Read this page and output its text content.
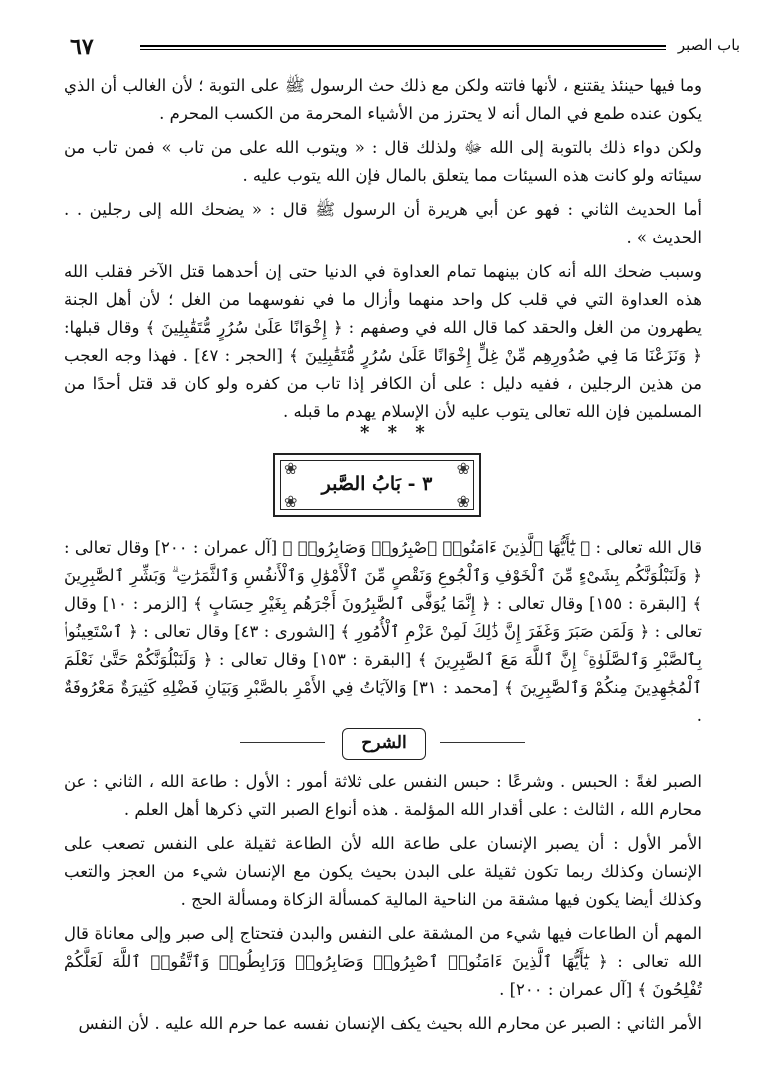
٦٧	باب الصبر

وما فيها حينئذ يقتنع ، لأنها فاتته ولكن مع ذلك حث الرسول ﷺ على التوبة ؛ لأن الغالب أن الذي يكون عنده طمع في المال أنه لا يحترز من الأشياء المحرمة من الكسب المحرم .

ولكن دواء ذلك بالتوبة إلى الله ﷻ ولذلك قال : « ويتوب الله على من تاب » فمن تاب من سيئاته ولو كانت هذه السيئات مما يتعلق بالمال فإن الله يتوب عليه .

أما الحديث الثاني : فهو عن أبي هريرة أن الرسول ﷺ قال : « يضحك الله إلى رجلين . . الحديث » .

وسبب ضحك الله أنه كان بينهما تمام العداوة في الدنيا حتى إن أحدهما قتل الآخر فقلب الله هذه العداوة التي في قلب كل واحد منهما وأزال ما في نفوسهما من الغل ؛ لأن أهل الجنة يطهرون من الغل والحقد كما قال الله في وصفهم : ﴿ إِخْوَانًا عَلَىٰ سُرُرٍ مُّتَقَٰبِلِينَ ﴾ وقال قبلها: ﴿ وَنَزَعْنَا مَا فِي صُدُورِهِم مِّنْ غِلٍّ إِخْوَانًا عَلَىٰ سُرُرٍ مُّتَقَٰبِلِينَ ﴾ [الحجر : ٤٧] . فهذا وجه العجب من هذين الرجلين ، ففيه دليل : على أن الكافر إذا تاب من كفره ولو كان قد قتل أحدًا من المسلمين فإن الله تعالى يتوب عليه لأن الإسلام يهدم ما قبله .

* * *
❀	❀
❀	❀
٣ - بَابُ الصَّبر

قال الله تعالى : ﴿ يَٰٓأَيُّهَا ٱلَّذِينَ ءَامَنُوا۟ ٱصْبِرُوا۟ وَصَابِرُوا۟ ﴾ [آل عمران : ٢٠٠] وقال تعالى : ﴿ وَلَنَبْلُوَنَّكُم بِشَىْءٍ مِّنَ ٱلْخَوْفِ وَٱلْجُوعِ وَنَقْصٍ مِّنَ ٱلْأَمْوَٰلِ وَٱلْأَنفُسِ وَٱلثَّمَرَٰتِ ۗ وَبَشِّرِ ٱلصَّٰبِرِينَ ﴾ [البقرة : ١٥٥] وقال تعالى : ﴿ إِنَّمَا يُوَفَّى ٱلصَّٰبِرُونَ أَجْرَهُم بِغَيْرِ حِسَابٍ ﴾ [الزمر : ١٠] وقال تعالى : ﴿ وَلَمَن صَبَرَ وَغَفَرَ إِنَّ ذَٰلِكَ لَمِنْ عَزْمِ ٱلْأُمُورِ ﴾ [الشورى : ٤٣] وقال تعالى : ﴿ ٱسْتَعِينُوا۟ بِٱلصَّبْرِ وَٱلصَّلَوٰةِ ۚ إِنَّ ٱللَّهَ مَعَ ٱلصَّٰبِرِينَ ﴾ [البقرة : ١٥٣] وقال تعالى : ﴿ وَلَنَبْلُوَنَّكُمْ حَتَّىٰ نَعْلَمَ ٱلْمُجَٰهِدِينَ مِنكُمْ وَٱلصَّٰبِرِينَ ﴾ [محمد : ٣١] وَالآيَاتُ فِي الأَمْرِ بالصَّبْرِ وَبَيَانِ فَضْلِهِ كَثِيرَةٌ مَعْرُوفَةٌ .

الشرح

الصبر لغةً : الحبس . وشرعًا : حبس النفس على ثلاثة أمور : الأول : طاعة الله ، الثاني : عن محارم الله ، الثالث : على أقدار الله المؤلمة . هذه أنواع الصبر التي ذكرها أهل العلم .

الأمر الأول : أن يصبر الإنسان على طاعة الله لأن الطاعة ثقيلة على النفس تصعب على الإنسان وكذلك ربما تكون ثقيلة على البدن بحيث يكون مع الإنسان شيء من العجز والتعب وكذلك أيضا يكون فيها مشقة من الناحية المالية كمسألة الزكاة ومسألة الحج .

المهم أن الطاعات فيها شيء من المشقة على النفس والبدن فتحتاج إلى صبر وإلى معاناة قال الله تعالى : ﴿ يَٰٓأَيُّهَا ٱلَّذِينَ ءَامَنُوا۟ ٱصْبِرُوا۟ وَصَابِرُوا۟ وَرَابِطُوا۟ وَٱتَّقُوا۟ ٱللَّهَ لَعَلَّكُمْ تُفْلِحُونَ ﴾ [آل عمران : ٢٠٠] .

الأمر الثاني : الصبر عن محارم الله بحيث يكف الإنسان نفسه عما حرم الله عليه . لأن النفس
